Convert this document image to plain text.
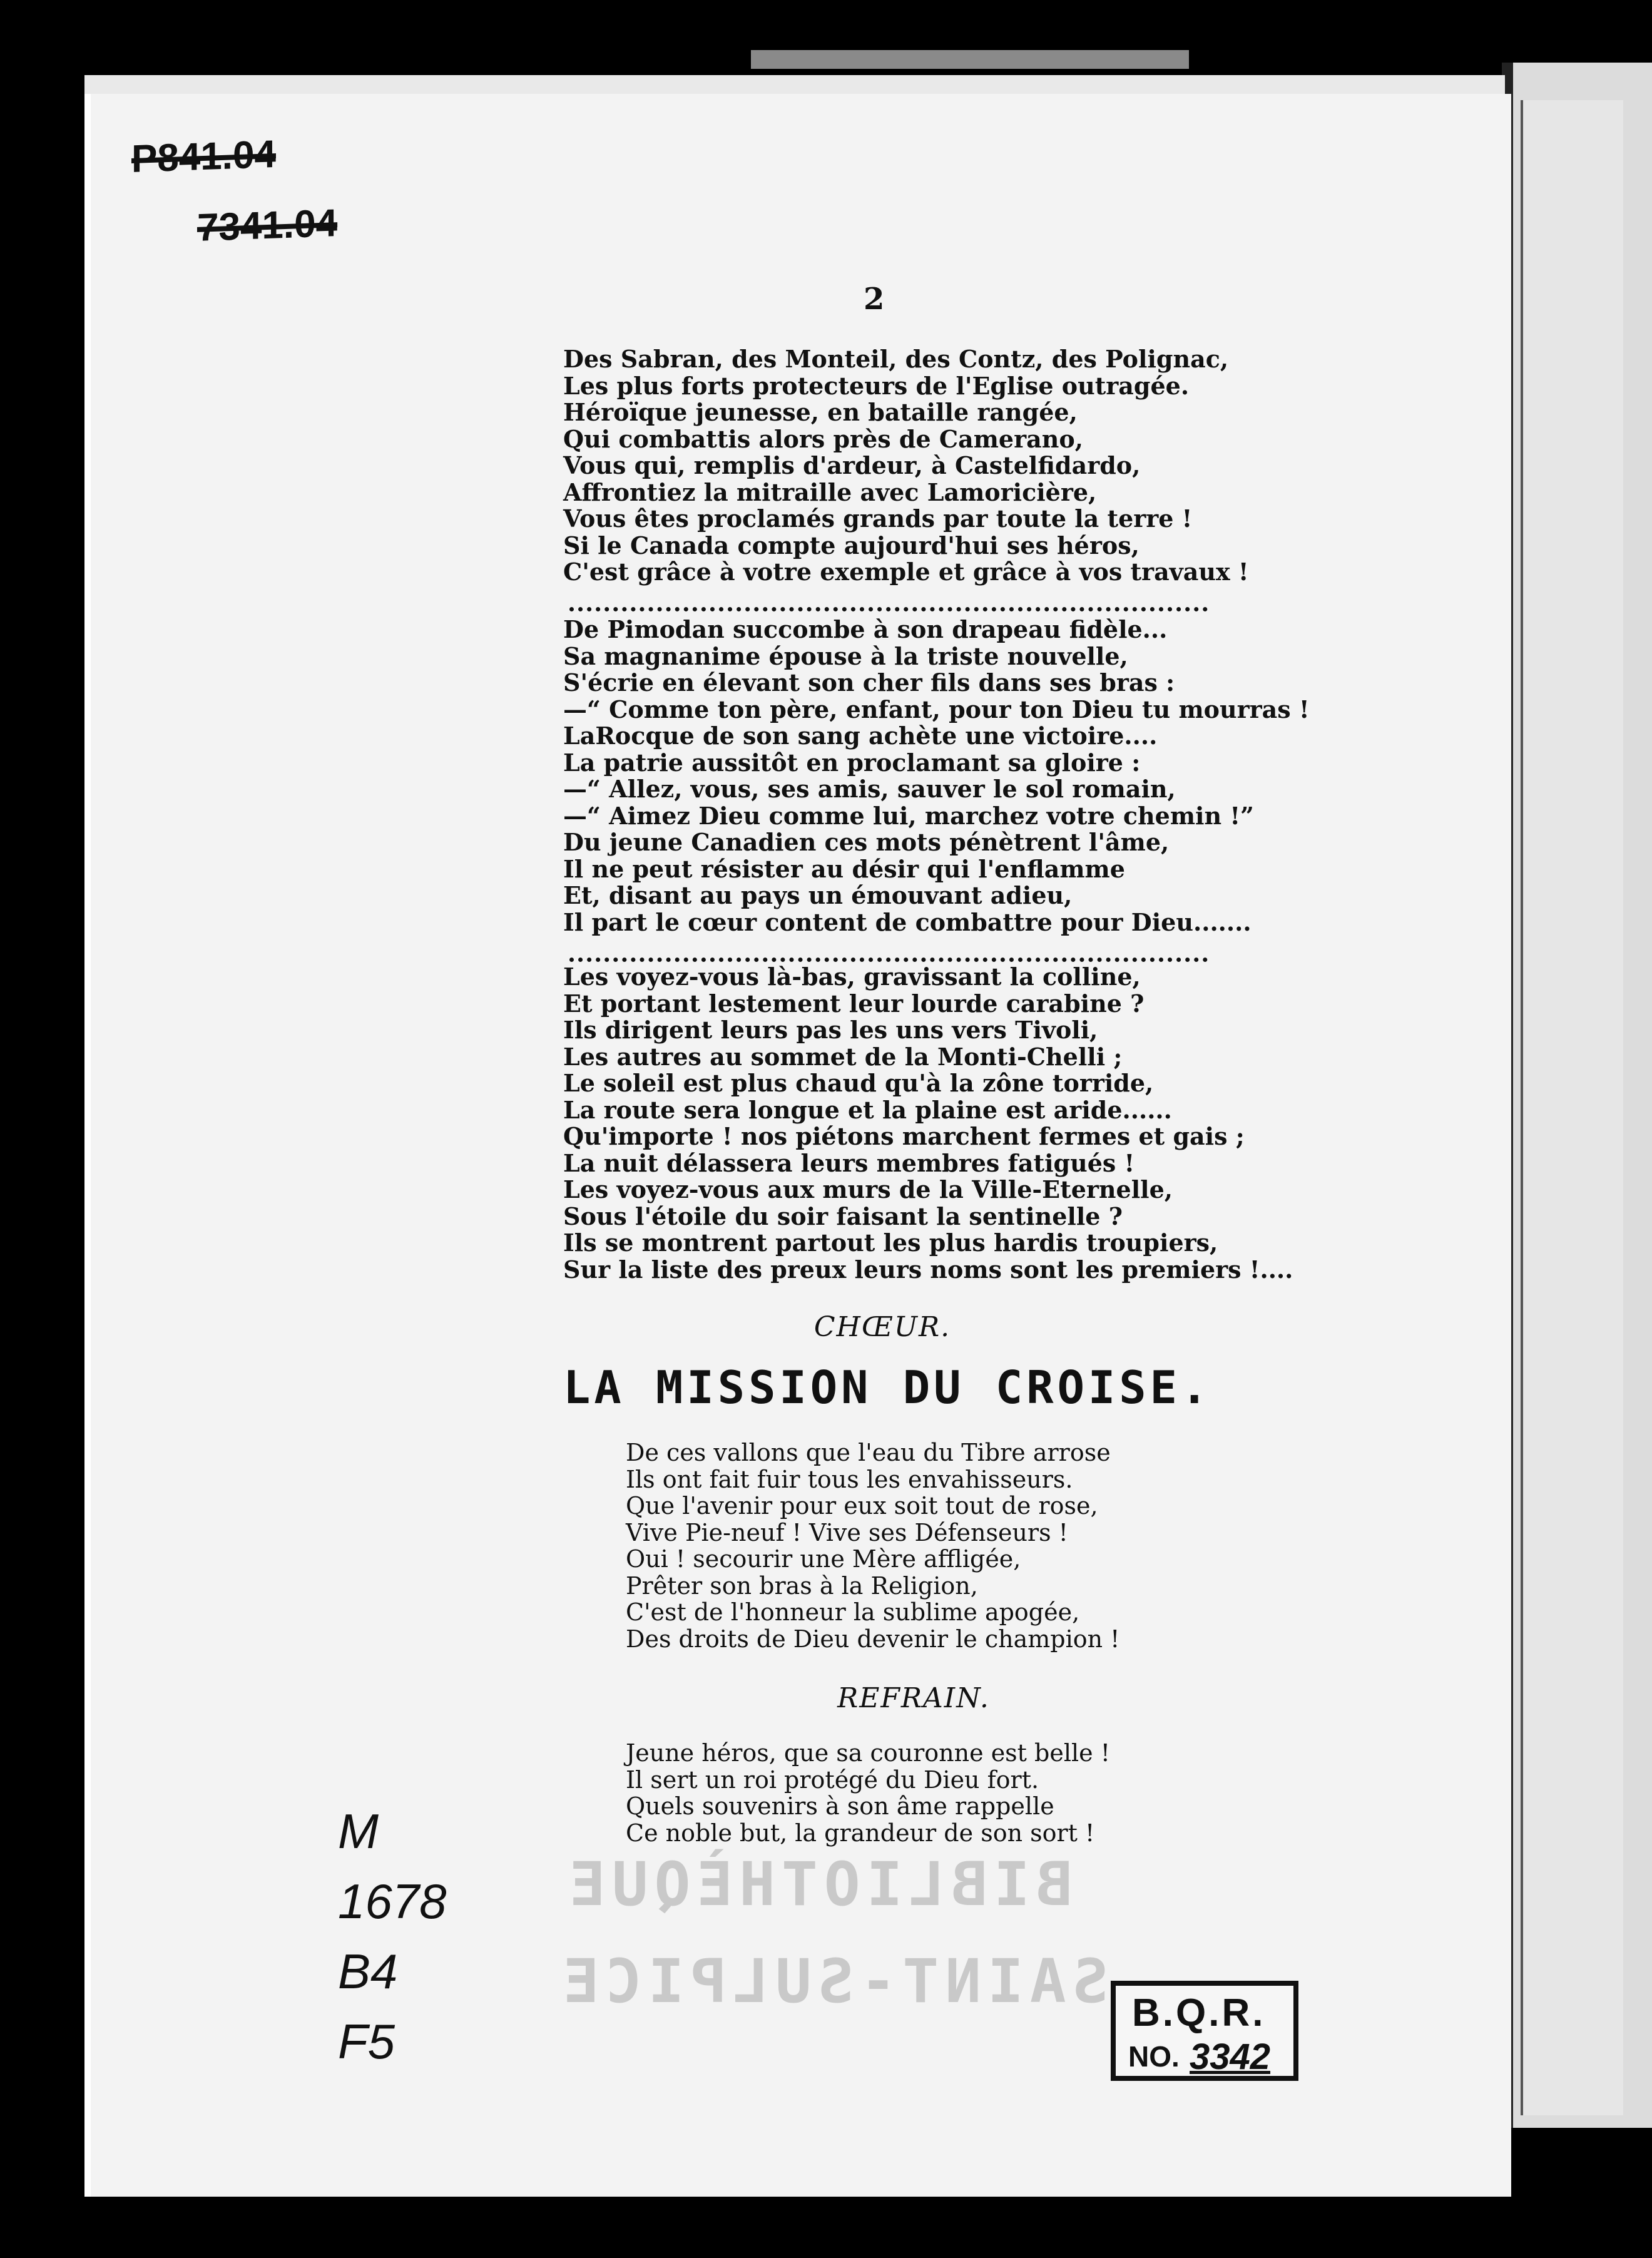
P841.04
7341.04
2
Des Sabran, des Monteil, des Contz, des Polignac,
Les plus forts protecteurs de l'Eglise outragée.
Héroïque jeunesse, en bataille rangée,
Qui combattis alors près de Camerano,
Vous qui, remplis d'ardeur, à Castelfidardo,
Affrontiez la mitraille avec Lamoricière,
Vous êtes proclamés grands par toute la terre !
Si le Canada compte aujourd'hui ses héros,
C'est grâce à votre exemple et grâce à vos travaux !
De Pimodan succombe à son drapeau fidèle...
Sa magnanime épouse à la triste nouvelle,
S'écrie en élevant son cher fils dans ses bras :
—“ Comme ton père, enfant, pour ton Dieu tu mourras !
LaRocque de son sang achète une victoire....
La patrie aussitôt en proclamant sa gloire :
—“ Allez, vous, ses amis, sauver le sol romain,
—“ Aimez Dieu comme lui, marchez votre chemin !”
Du jeune Canadien ces mots pénètrent l'âme,
Il ne peut résister au désir qui l'enflamme
Et, disant au pays un émouvant adieu,
Il part le cœur content de combattre pour Dieu.......
Les voyez-vous là-bas, gravissant la colline,
Et portant lestement leur lourde carabine ?
Ils dirigent leurs pas les uns vers Tivoli,
Les autres au sommet de la Monti-Chelli ;
Le soleil est plus chaud qu'à la zône torride,
La route sera longue et la plaine est aride......
Qu'importe ! nos piétons marchent fermes et gais ;
La nuit délassera leurs membres fatigués !
Les voyez-vous aux murs de la Ville-Eternelle,
Sous l'étoile du soir faisant la sentinelle ?
Ils se montrent partout les plus hardis troupiers,
Sur la liste des preux leurs noms sont les premiers !....
CHŒUR.
LA MISSION DU CROISE.
De ces vallons que l'eau du Tibre arrose
Ils ont fait fuir tous les envahisseurs.
Que l'avenir pour eux soit tout de rose,
Vive Pie-neuf ! Vive ses Défenseurs !
Oui ! secourir une Mère affligée,
Prêter son bras à la Religion,
C'est de l'honneur la sublime apogée,
Des droits de Dieu devenir le champion !
REFRAIN.
Jeune héros, que sa couronne est belle !
Il sert un roi protégé du Dieu fort.
Quels souvenirs à son âme rappelle
Ce noble but, la grandeur de son sort !
BIBLIOTHÈQUE
SAINT-SULPICE
M
1678
B4
F5
B.Q.R.
NO. 3342
